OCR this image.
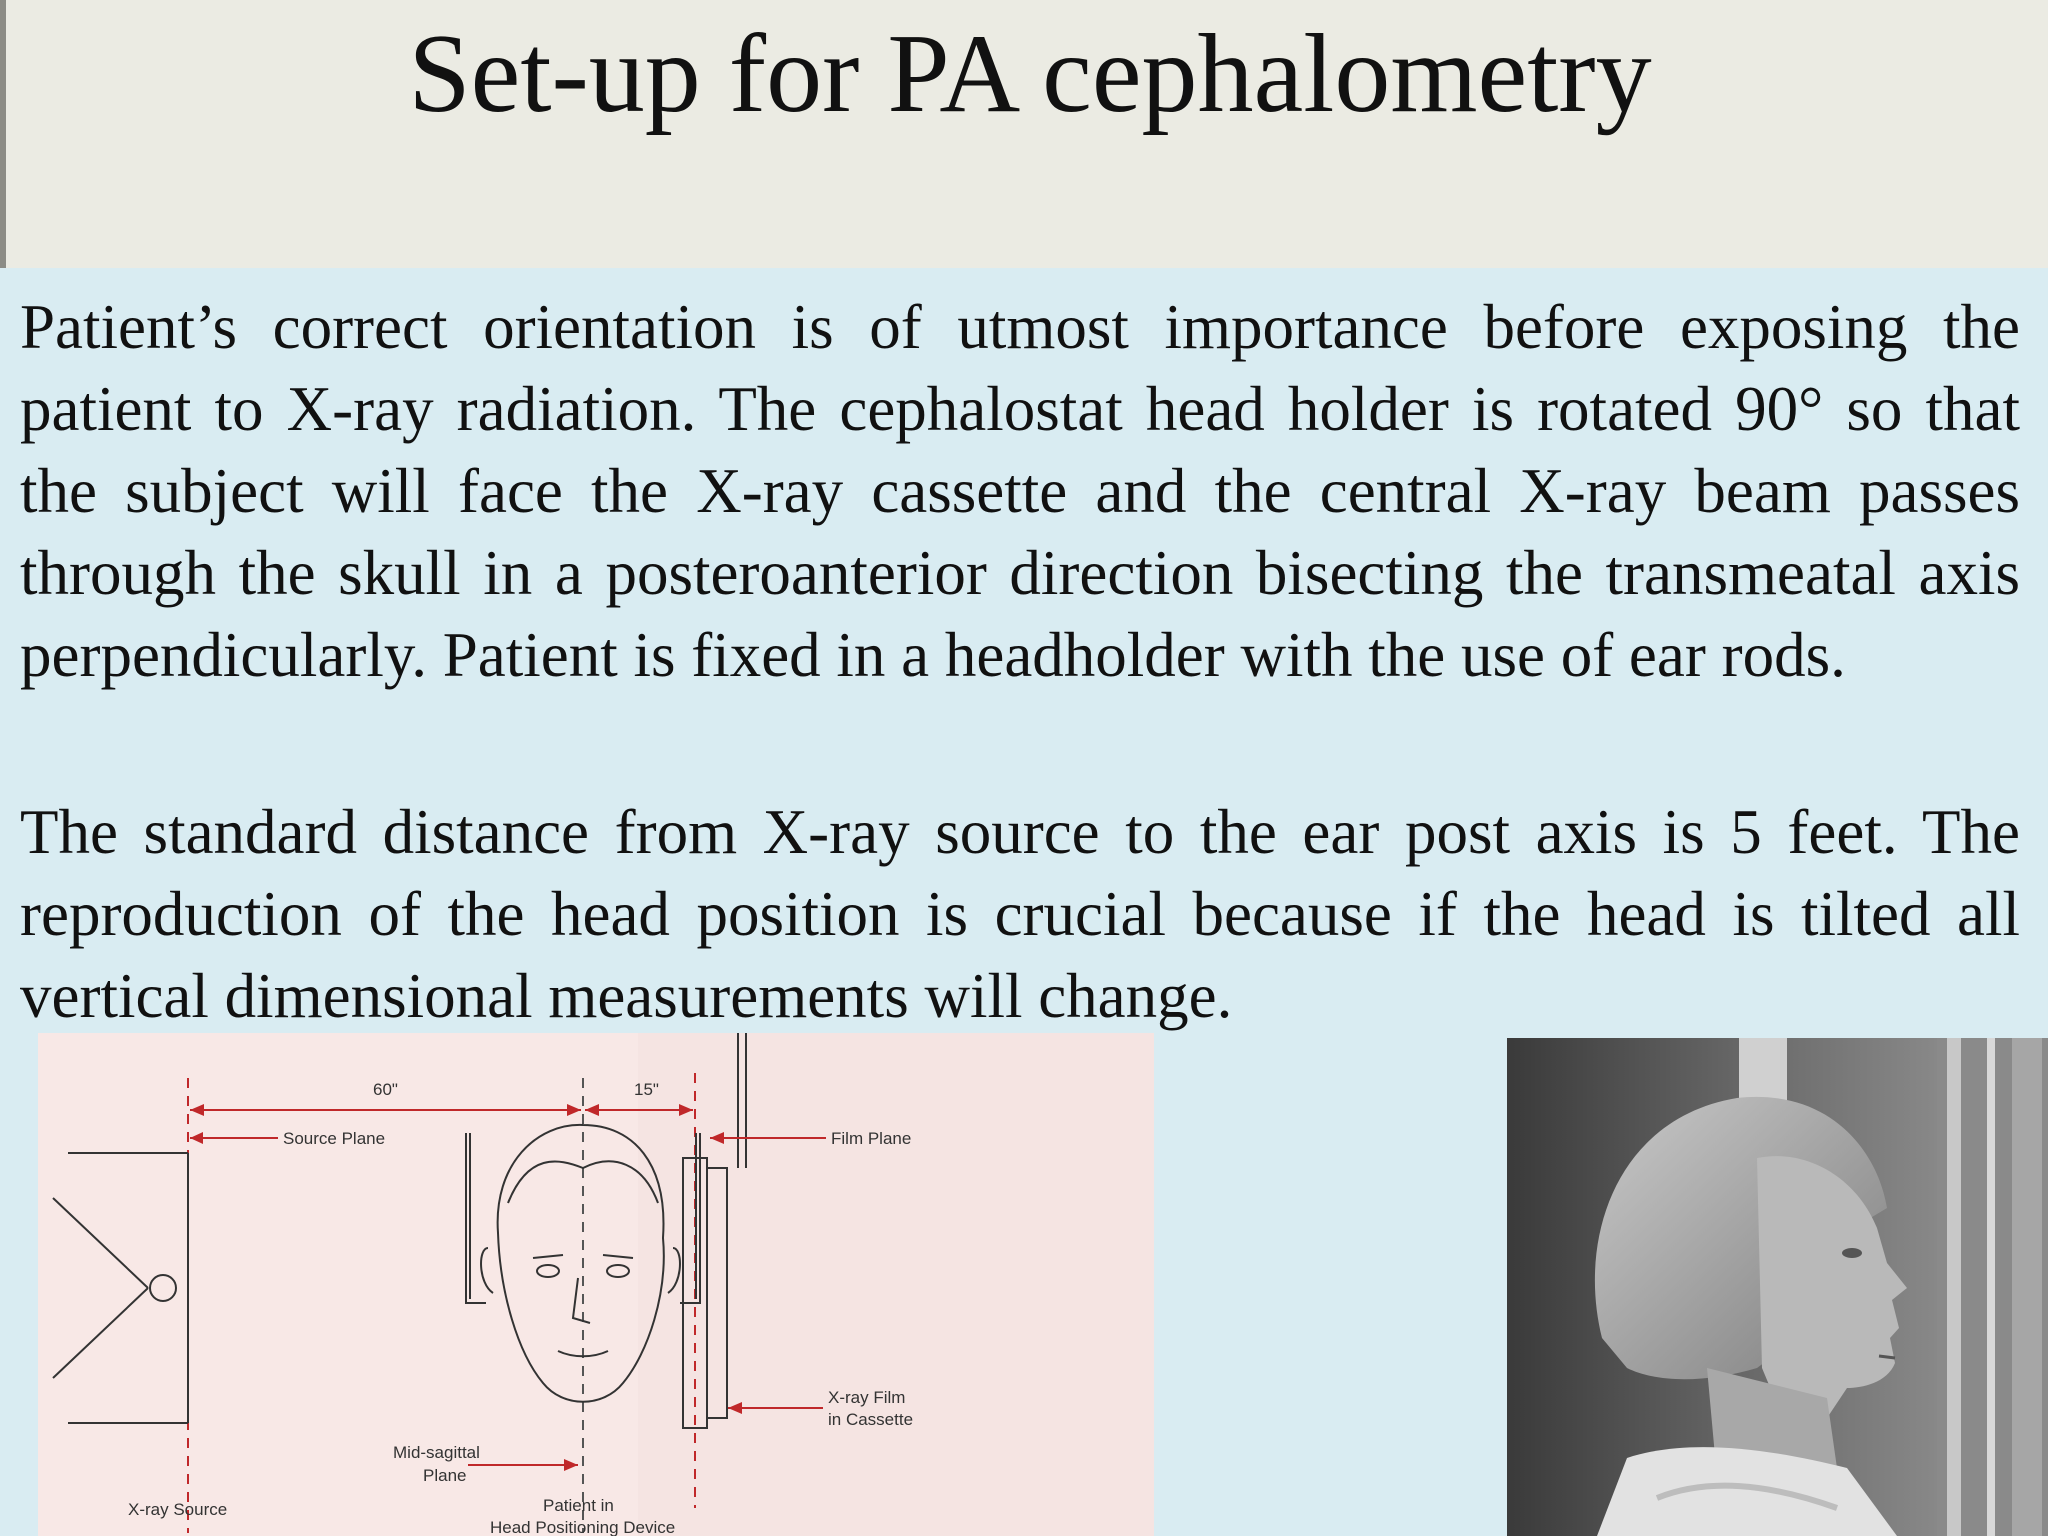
Set-up for PA cephalometry

Patient’s correct orientation is of utmost importance before exposing the patient to X-ray radiation. The cephalostat head holder is rotated 90° so that the subject will face the X-ray cassette and the central X-ray beam passes through the skull in a posteroanterior direction bisecting the transmeatal axis perpendicularly. Patient is fixed in a headholder with the use of ear rods.

The standard distance from X-ray source to the ear post axis is 5 feet. The reproduction of the head position is crucial because if the head is tilted all vertical dimensional measurements will change.

60"	15"
Source Plane	Film Plane
X-ray Film
in Cassette
Mid-sagittal
Plane
X-ray Source	Patient in
Head Positioning Device
